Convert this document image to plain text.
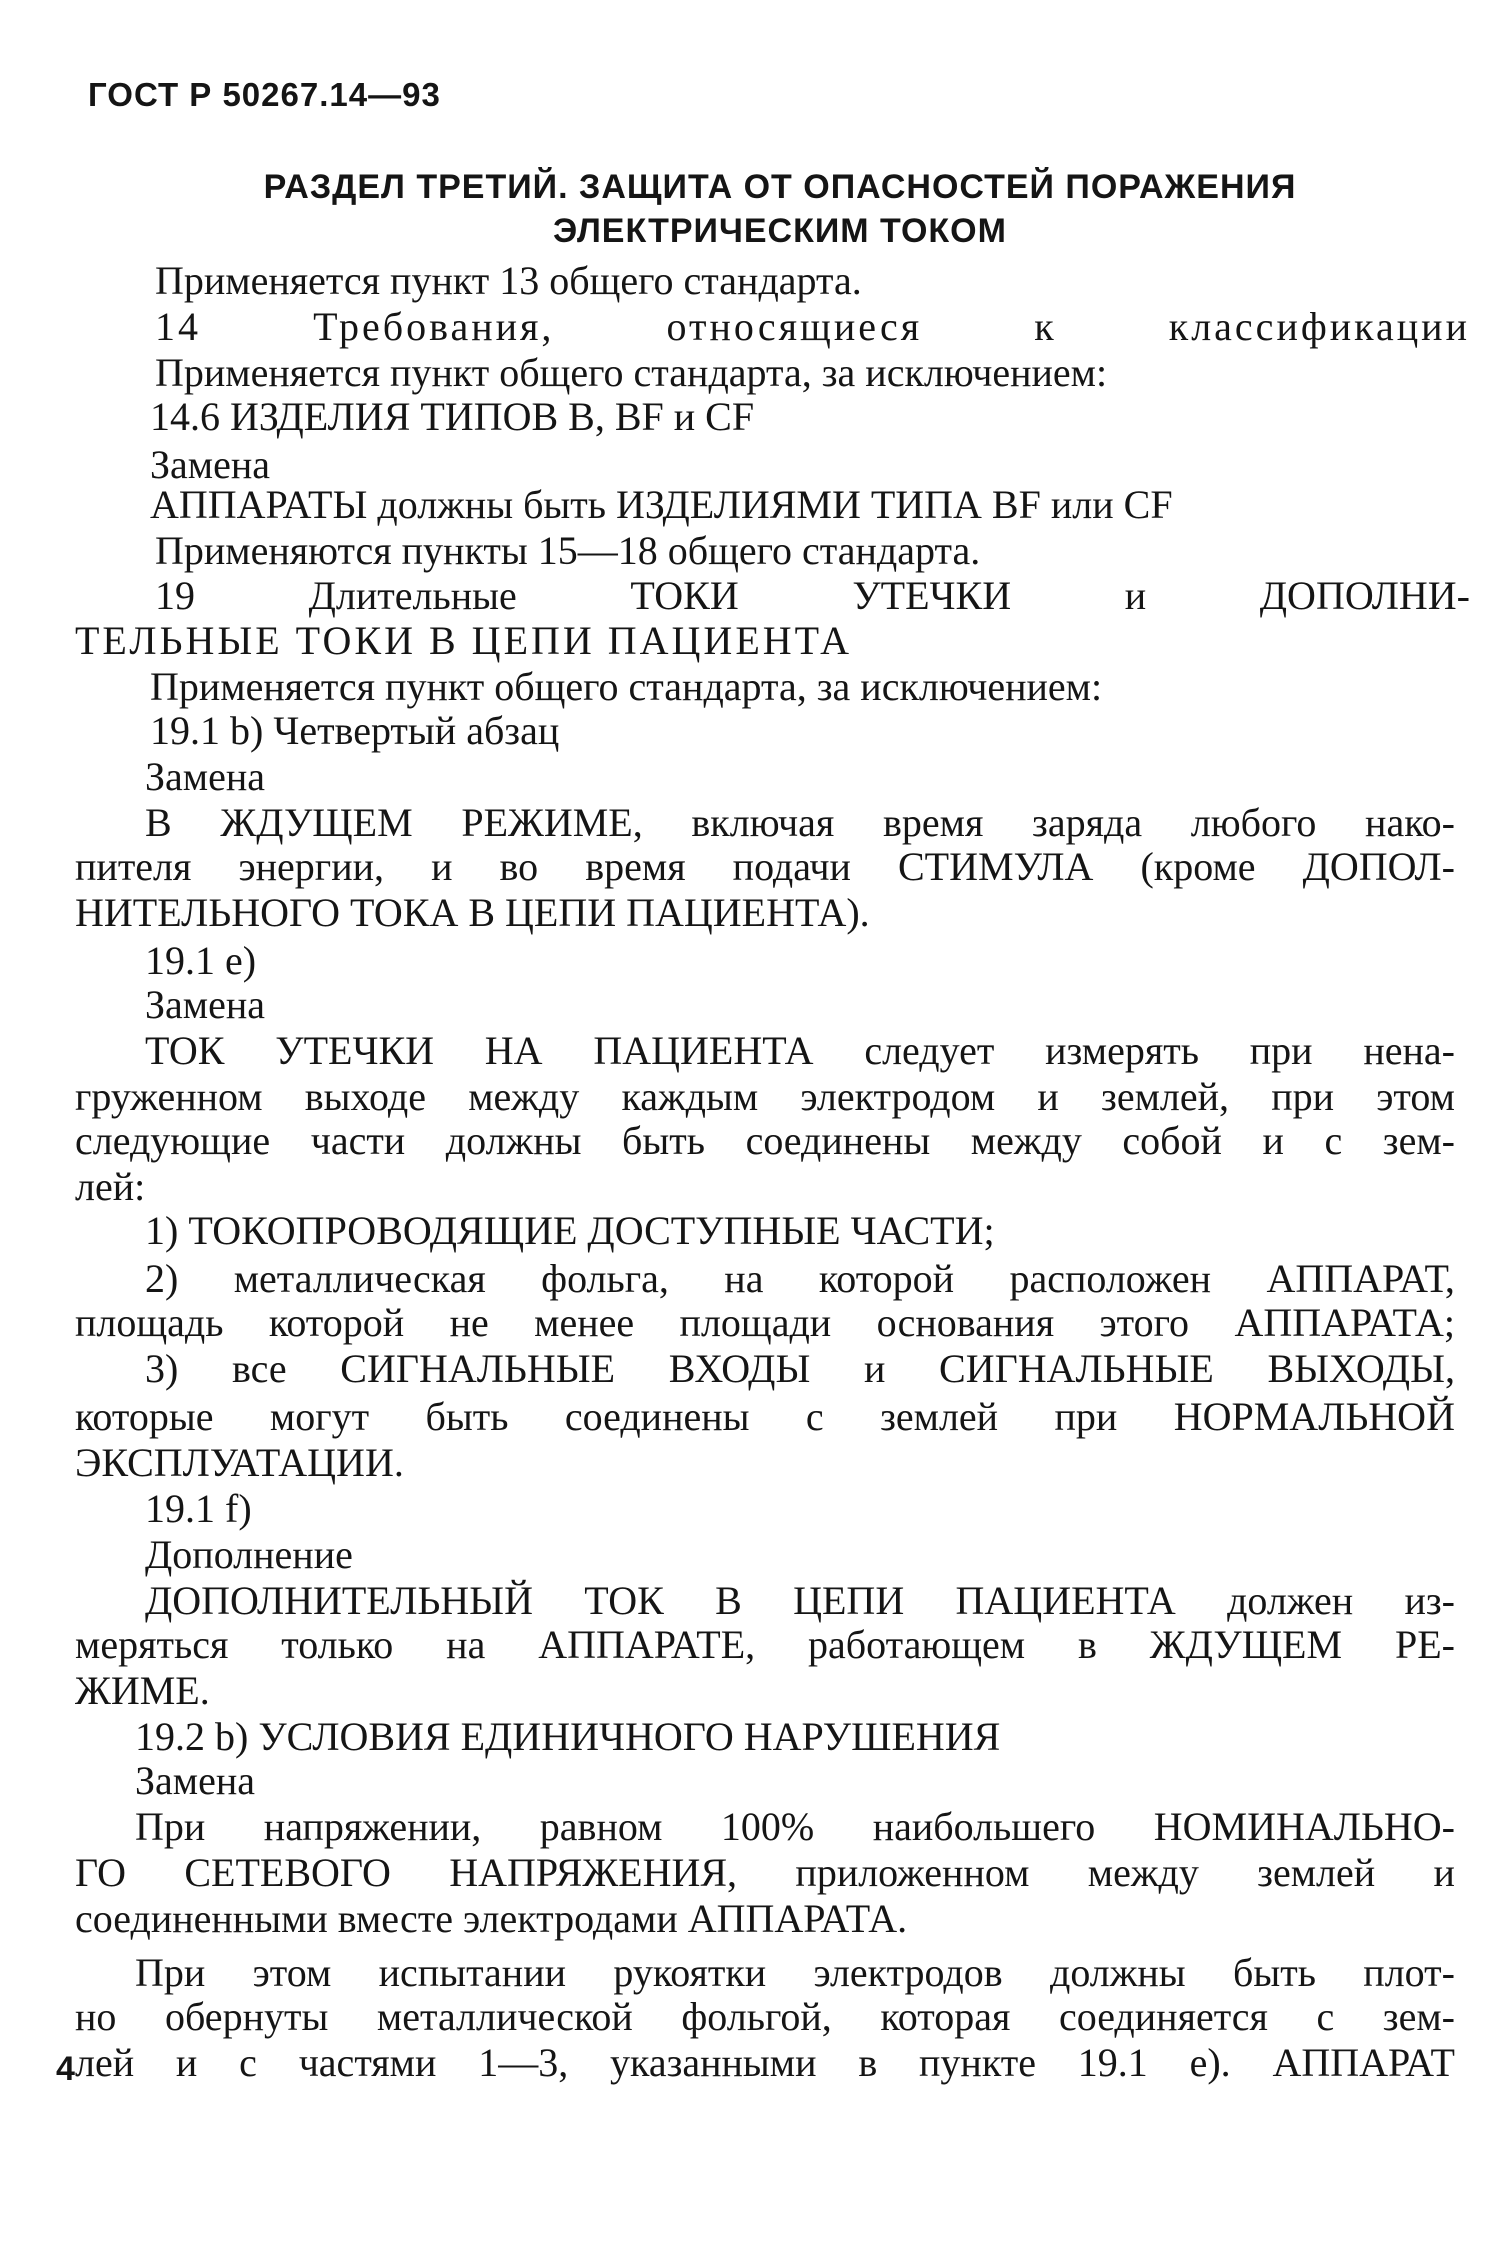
ГОСТ Р 50267.14—93
РАЗДЕЛ ТРЕТИЙ. ЗАЩИТА ОТ ОПАСНОСТЕЙ ПОРАЖЕНИЯ
ЭЛЕКТРИЧЕСКИМ ТОКОМ
Применяется пункт 13 общего стандарта.
14	Требования,	относящиеся	к	классификации
Применяется пункт общего стандарта, за исключением:
14.6 ИЗДЕЛИЯ ТИПОВ В, BF и CF
Замена
АППАРАТЫ должны быть ИЗДЕЛИЯМИ ТИПА BF или CF
Применяются пункты 15—18 общего стандарта.
19	Длительные	ТОКИ	УТЕЧКИ	и	ДОПОЛНИ-
ТЕЛЬНЫЕ ТОКИ В ЦЕПИ ПАЦИЕНТА
Применяется пункт общего стандарта, за исключением:
19.1 b) Четвертый абзац
Замена
В ЖДУЩЕМ РЕЖИМЕ, включая время заряда любого нако-
пителя энергии, и во время подачи СТИМУЛА (кроме ДОПОЛ-
НИТЕЛЬНОГО ТОКА В ЦЕПИ ПАЦИЕНТА).
19.1 е)
Замена
ТОК УТЕЧКИ НА ПАЦИЕНТА следует измерять при нена-
груженном выходе между каждым электродом и землей, при этом
следующие части должны быть соединены между собой и с зем-
лей:
1) ТОКОПРОВОДЯЩИЕ ДОСТУПНЫЕ ЧАСТИ;
2) металлическая фольга, на которой расположен АППАРАТ,
площадь которой не менее площади основания этого АППАРАТА;
3) все СИГНАЛЬНЫЕ ВХОДЫ и СИГНАЛЬНЫЕ ВЫХОДЫ,
которые могут быть соединены с землей при НОРМАЛЬНОЙ
ЭКСПЛУАТАЦИИ.
19.1 f)
Дополнение
ДОПОЛНИТЕЛЬНЫЙ ТОК В ЦЕПИ ПАЦИЕНТА должен из-
меряться только на АППАРАТЕ, работающем в ЖДУЩЕМ РЕ-
ЖИМЕ.
19.2 b) УСЛОВИЯ ЕДИНИЧНОГО НАРУШЕНИЯ
Замена
При напряжении, равном 100% наибольшего НОМИНАЛЬНО-
ГО СЕТЕВОГО НАПРЯЖЕНИЯ, приложенном между землей и
соединенными вместе электродами АППАРАТА.
При этом испытании рукоятки электродов должны быть плот-
но обернуты металлической фольгой, которая соединяется с зем-
лей и с частями 1—3, указанными в пункте 19.1 е). АППАРАТ
4
